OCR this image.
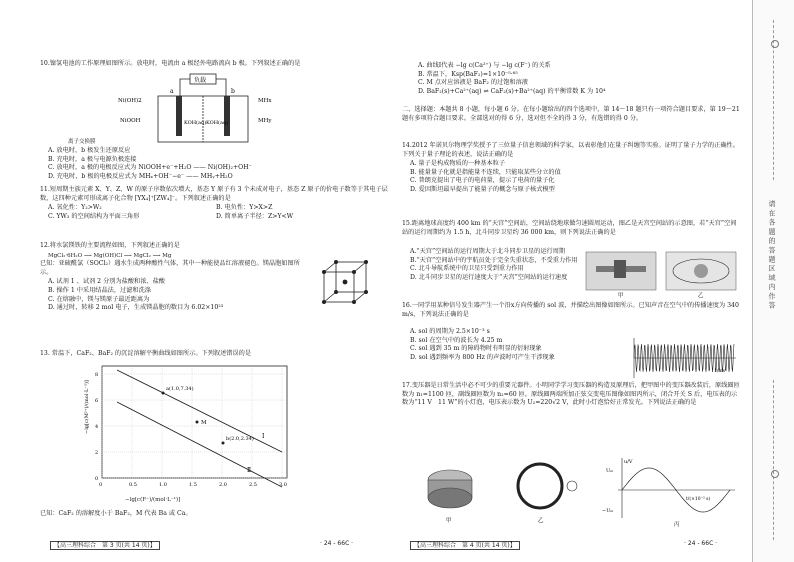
10.镍氢电池的工作原理如图所示。放电时，电流由 a 极经外电路流向 b 极。下列叙述正确的是
负载
Ni(OH)2
NiOOH
a	b
KOH(aq) KOH(aq)
MHx
MHy
离子交换膜
A. 放电时，b 极发生还原反应
B. 充电时，a 极与电源负极连接
C. 放电时，a 极的电极反应式为 NiOOH+e⁻+H₂O —— Ni(OH)₂+OH⁻
D. 充电时，b 极的电极反应式为 MHₓ+OH⁻−e⁻ —— MHᵧ+H₂O
11.短周期主族元素 X、Y、Z、W 的原子序数依次增大，基态 Y 原子有 3 个未成对电子，基态 Z 原子的价电子数等于其电子层数，这四种元素可形成离子化合物 [YX₄]⁺[ZW₄]⁻。下列叙述正确的是
A. 氧化性：Y₂>W₂	B. 电负性：Y>X>Z
C. YW₃ 的空间结构为平面三角形	D. 简单离子半径：Z>Y<W
12.将水氯镁铁的主要流程如图，下列叙述正确的是
MgCl₂·6H₂O ⟶ Mg(OH)Cl ⟶ MgCl₂ ⟶ Mg
已知：亚硫酰氯（SOCl₂）遇水生成两种酸性气体，其中一种能使品红溶液褪色。镁晶胞如图所示。
A. 试剂 1 、试剂 2 分别为盐酸和浓、盐酸
B. 操作 1 中采用结晶法，过滤和洗涤
C. 在熔融中，镁与镁原子最近距离为
D. 通过时，转移 2 mol 电子，生成镁晶胞的数目为 6.02×10²³
13. 常温下，CaF₂、BaF₂ 的沉淀溶解平衡曲线如图所示。下列叙述错误的是
−lg[c(M²⁺)/(mol·L⁻¹)]
0
2
4
6
8
0	0.5	1.0	1.5	2.0	2.5	3.0
a(1.0,7.34)
b(2.0,2.34)
M
Ⅰ
Ⅱ
−lg[c(F⁻)/(mol·L⁻¹)]
已知：CaF₂ 的溶解度小于 BaF₂，M 代表 Ba 或 Ca。
【高三理科综合　第 3 页(共 14 页)】	· 24 - 66C ·
A. 曲线Ⅰ代表 −lg c(Ca²⁺) 与 −lg c(F⁻) 的关系
B. 常温下，Ksp(BaF₂)=1×10⁻⁵·⁶⁵
C. M 点对应溶液是 BaF₂ 的过饱和溶液
D. BaF₂(s)+Ca²⁺(aq) ⇌ CaF₂(s)+Ba²⁺(aq) 的平衡常数 K 为 10⁴
二、选择题：本题共 8 小题，每小题 6 分。在每小题给出的四个选项中，第 14～18 题只有一项符合题目要求，第 19～21 题有多项符合题目要求。全部选对的得 6 分，选对但不全的得 3 分，有选错的得 0 分。
14.2012 年诺贝尔物理学奖授予了三位量子信息领域的科学家，以表彰他们在量子纠缠等实验。证明了量子力学的正确性。下列关于量子理论的表述，说法正确的是
A. 量子是构成物质的一种基本粒子
B. 能量量子化就是指能量不连续，只能取某些分立的值
C. 普朗克提出了电子的电荷量，提示了电荷的量子化
D. 爱因斯坦最早提出了能量子的概念与原子核式模型
15.距离地球高度约 400 km 的“天宫”空间站，空间站绕地球做匀速圆周运动，图乙是天宫空间站的示意图，若“天宫”空间站的运行周期约为 1.5 h，北斗同步卫星约 36 000 km，则下列说法正确的是
A.“天宫”空间站的运行周期大于北斗同步卫星的运行周期
B.“天宫”空间站中的宇航员处于完全失重状态，不受重力作用
C. 北斗导航系统中的卫星只受到重力作用
D. 北斗同步卫星的运行速度大于“天宫”空间站的运行速度
甲	乙
16.一同学用某种信号发生器产生一个沿x方向传播的 sol 波，并描绘出图像如图所示。已知声音在空气中的传播速度为 340 m/s，下列说法正确的是
A. sol 的周期为 2.5×10⁻³ s
B. sol 在空气中的波长为 4.25 m
C. sol 遇到 35 m 的障碍物时有明显的衍射现象
D. sol 遇到频率为 800 Hz 的声波时可产生干涉现象
1/ms
17.变压器是日常生活中必不可少的重要元器件。小明同学学习变压器的构造及原理后，把甲图中的变压器改装后，原线圈匝数为 n₁=1100 匝，副线圈匝数为 n₂=60 匝，原线圈两端所加正弦交变电压图像如图丙所示，闭合开关 S 后，电压表的示数为“11 V　11 W”的小灯泡，电压表示数为 U₂=220√2 V，此时小灯泡恰好正常发光。下列说法正确的是
甲	乙
u/V
Uₘ
−Uₘ
t/(×10⁻² s)
丙
【高三理科综合　第 4 页(共 14 页)】	· 24 - 66C ·
请 在 各 题 的 答 题 区 域 内 作 答
